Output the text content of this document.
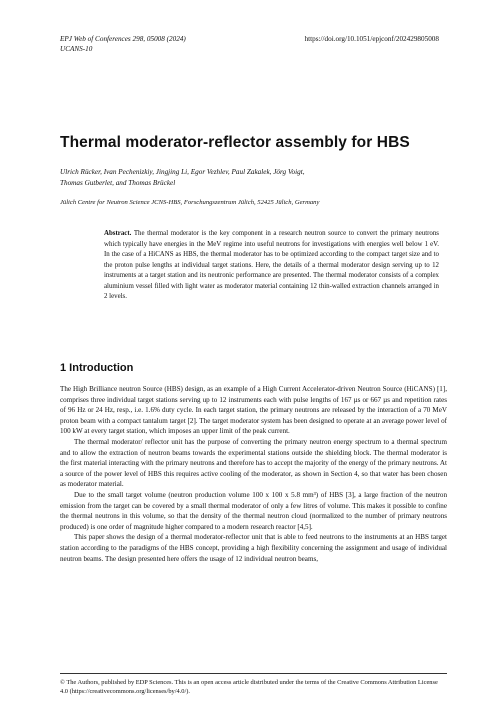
EPJ Web of Conferences 298, 05008 (2024)
UCANS-10
https://doi.org/10.1051/epjconf/202429805008
Thermal moderator-reflector assembly for HBS
Ulrich Rücker, Ivan Pechenizkiy, Jingjing Li, Egor Vezhlev, Paul Zakalek, Jörg Voigt,
Thomas Gutberlet, and Thomas Brückel
Jülich Centre for Neutron Science JCNS-HBS, Forschungszentrum Jülich, 52425 Jülich, Germany
Abstract. The thermal moderator is the key component in a research neutron source to convert the primary neutrons which typically have energies in the MeV regime into useful neutrons for investigations with energies well below 1 eV. In the case of a HiCANS as HBS, the thermal moderator has to be optimized according to the compact target size and to the proton pulse lengths at individual target stations. Here, the details of a thermal moderator design serving up to 12 instruments at a target station and its neutronic performance are presented. The thermal moderator consists of a complex aluminium vessel filled with light water as moderator material containing 12 thin-walled extraction channels arranged in 2 levels.
1 Introduction

The High Brilliance neutron Source (HBS) design, as an example of a High Current Accelerator-driven Neutron Source (HiCANS) [1], comprises three individual target stations serving up to 12 instruments each with pulse lengths of 167 µs or 667 µs and repetition rates of 96 Hz or 24 Hz, resp., i.e. 1.6% duty cycle. In each target station, the primary neutrons are released by the interaction of a 70 MeV proton beam with a compact tantalum target [2]. The target moderator system has been designed to operate at an average power level of 100 kW at every target station, which imposes an upper limit of the peak current.

The thermal moderator/ reflector unit has the purpose of converting the primary neutron energy spectrum to a thermal spectrum and to allow the extraction of neutron beams towards the experimental stations outside the shielding block. The thermal moderator is the first material interacting with the primary neutrons and therefore has to accept the majority of the energy of the primary neutrons. At a source of the power level of HBS this requires active cooling of the moderator, as shown in Section 4, so that water has been chosen as moderator material.

Due to the small target volume (neutron production volume 100 x 100 x 5.8 mm³) of HBS [3], a large fraction of the neutron emission from the target can be covered by a small thermal moderator of only a few litres of volume. This makes it possible to confine the thermal neutrons in this volume, so that the density of the thermal neutron cloud (normalized to the number of primary neutrons produced) is one order of magnitude higher compared to a modern research reactor [4,5].

This paper shows the design of a thermal moderator-reflector unit that is able to feed neutrons to the instruments at an HBS target station according to the paradigms of the HBS concept, providing a high flexibility concerning the assignment and usage of individual neutron beams. The design presented here offers the usage of 12 individual neutron beams,

© The Authors, published by EDP Sciences. This is an open access article distributed under the terms of the Creative Commons Attribution License 4.0 (https://creativecommons.org/licenses/by/4.0/).
